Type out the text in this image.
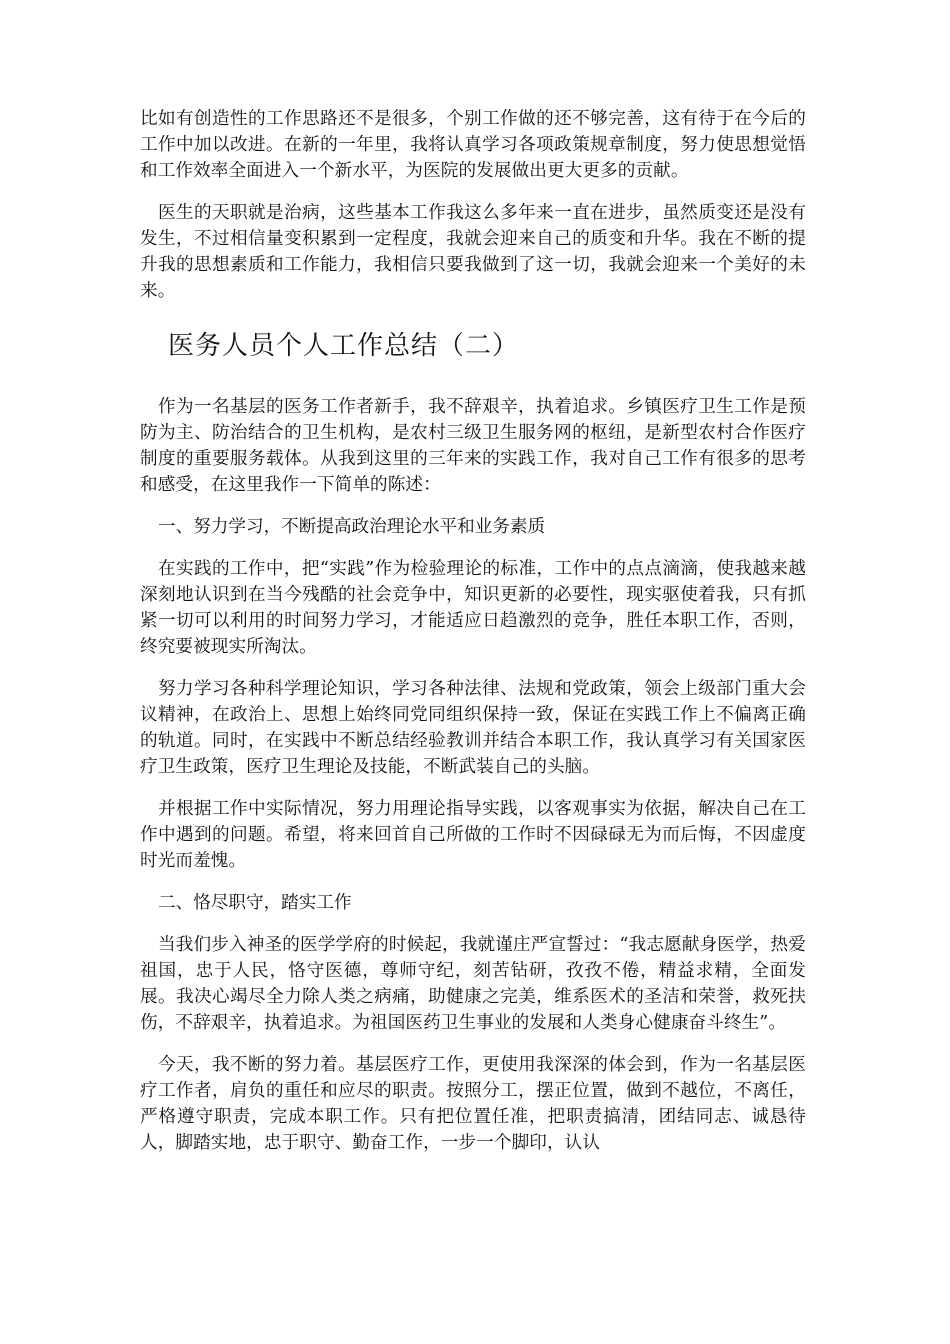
比如有创造性的工作思路还不是很多，个别工作做的还不够完善，这有待于在今后的工作中加以改进。在新的一年里，我将认真学习各项政策规章制度，努力使思想觉悟和工作效率全面进入一个新水平，为医院的发展做出更大更多的贡献。

医生的天职就是治病，这些基本工作我这么多年来一直在进步，虽然质变还是没有发生，不过相信量变积累到一定程度，我就会迎来自己的质变和升华。我在不断的提升我的思想素质和工作能力，我相信只要我做到了这一切，我就会迎来一个美好的未来。

医务人员个人工作总结（二）

作为一名基层的医务工作者新手，我不辞艰辛，执着追求。乡镇医疗卫生工作是预防为主、防治结合的卫生机构，是农村三级卫生服务网的枢纽，是新型农村合作医疗制度的重要服务载体。从我到这里的三年来的实践工作，我对自己工作有很多的思考和感受，在这里我作一下简单的陈述：

一、努力学习，不断提高政治理论水平和业务素质

在实践的工作中，把“实践”作为检验理论的标准，工作中的点点滴滴，使我越来越深刻地认识到在当今残酷的社会竞争中，知识更新的必要性，现实驱使着我，只有抓紧一切可以利用的时间努力学习，才能适应日趋激烈的竞争，胜任本职工作，否则，终究要被现实所淘汰。

努力学习各种科学理论知识，学习各种法律、法规和党政策，领会上级部门重大会议精神，在政治上、思想上始终同党同组织保持一致，保证在实践工作上不偏离正确的轨道。同时，在实践中不断总结经验教训并结合本职工作，我认真学习有关国家医疗卫生政策，医疗卫生理论及技能，不断武装自己的头脑。

并根据工作中实际情况，努力用理论指导实践，以客观事实为依据，解决自己在工作中遇到的问题。希望，将来回首自己所做的工作时不因碌碌无为而后悔，不因虚度时光而羞愧。

二、恪尽职守，踏实工作

当我们步入神圣的医学学府的时候起，我就谨庄严宣誓过：“我志愿献身医学，热爱祖国，忠于人民，恪守医德，尊师守纪，刻苦钻研，孜孜不倦，精益求精，全面发展。我决心竭尽全力除人类之病痛，助健康之完美，维系医术的圣洁和荣誉，救死扶伤，不辞艰辛，执着追求。为祖国医药卫生事业的发展和人类身心健康奋斗终生”。

今天，我不断的努力着。基层医疗工作，更使用我深深的体会到，作为一名基层医疗工作者，肩负的重任和应尽的职责。按照分工，摆正位置，做到不越位，不离任，严格遵守职责，完成本职工作。只有把位置任准，把职责搞清，团结同志、诚恳待人，脚踏实地，忠于职守、勤奋工作，一步一个脚印，认认
